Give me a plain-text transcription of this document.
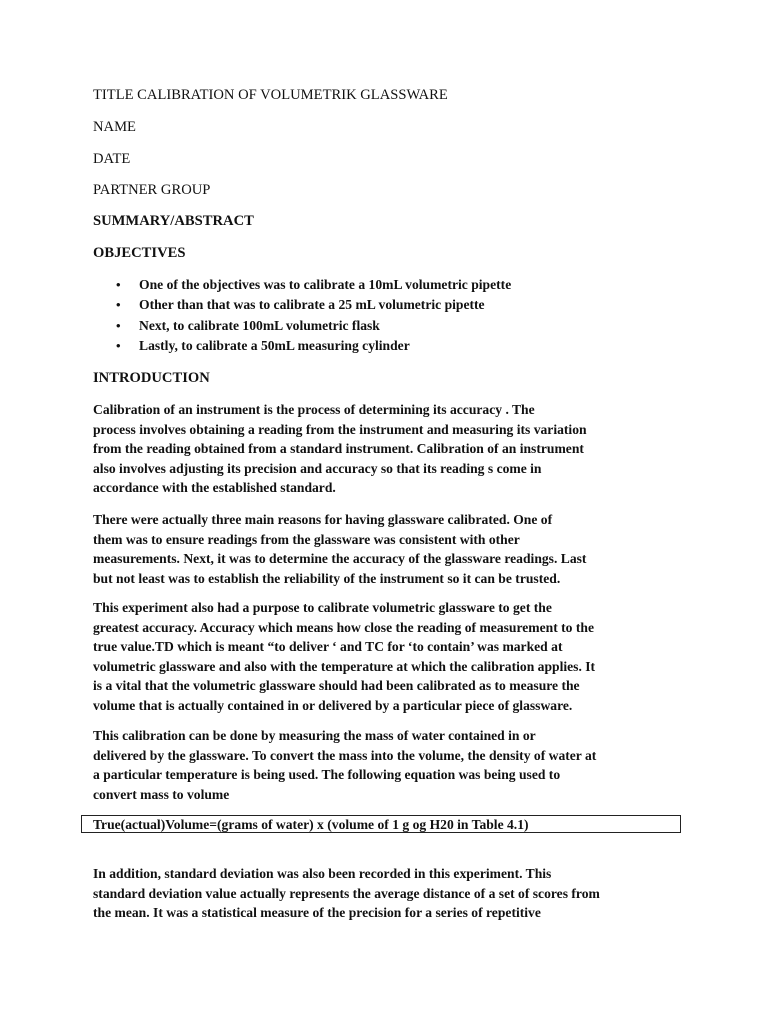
TITLE CALIBRATION OF VOLUMETRIK GLASSWARE
NAME
DATE
PARTNER GROUP
SUMMARY/ABSTRACT
OBJECTIVES
• One of the objectives was to calibrate a 10mL volumetric pipette
• Other than that was to calibrate a 25 mL volumetric pipette
• Next, to calibrate 100mL volumetric flask
• Lastly, to calibrate a 50mL measuring cylinder
INTRODUCTION
Calibration of an instrument is the process of determining its accuracy . The
process involves obtaining a reading from the instrument and measuring its variation
from the reading obtained from a standard instrument. Calibration of an instrument
also involves adjusting its precision and accuracy so that its reading s come in
accordance with the established standard.
There were actually three main reasons for having glassware calibrated. One of
them was to ensure readings from the glassware was consistent with other
measurements. Next, it was to determine the accuracy of the glassware readings. Last
but not least was to establish the reliability of the instrument so it can be trusted.
This experiment also had a purpose to calibrate volumetric glassware to get the
greatest accuracy. Accuracy which means how close the reading of measurement to the
true value.TD which is meant “to deliver ‘ and TC for ‘to contain’ was marked at
volumetric glassware and also with the temperature at which the calibration applies. It
is a vital that the volumetric glassware should had been calibrated as to measure the
volume that is actually contained in or delivered by a particular piece of glassware.
This calibration can be done by measuring the mass of water contained in or
delivered by the glassware. To convert the mass into the volume, the density of water at
a particular temperature is being used. The following equation was being used to
convert mass to volume
True(actual)Volume=(grams of water) x (volume of 1 g og H20 in Table 4.1)
In addition, standard deviation was also been recorded in this experiment. This
standard deviation value actually represents the average distance of a set of scores from
the mean. It was a statistical measure of the precision for a series of repetitive
